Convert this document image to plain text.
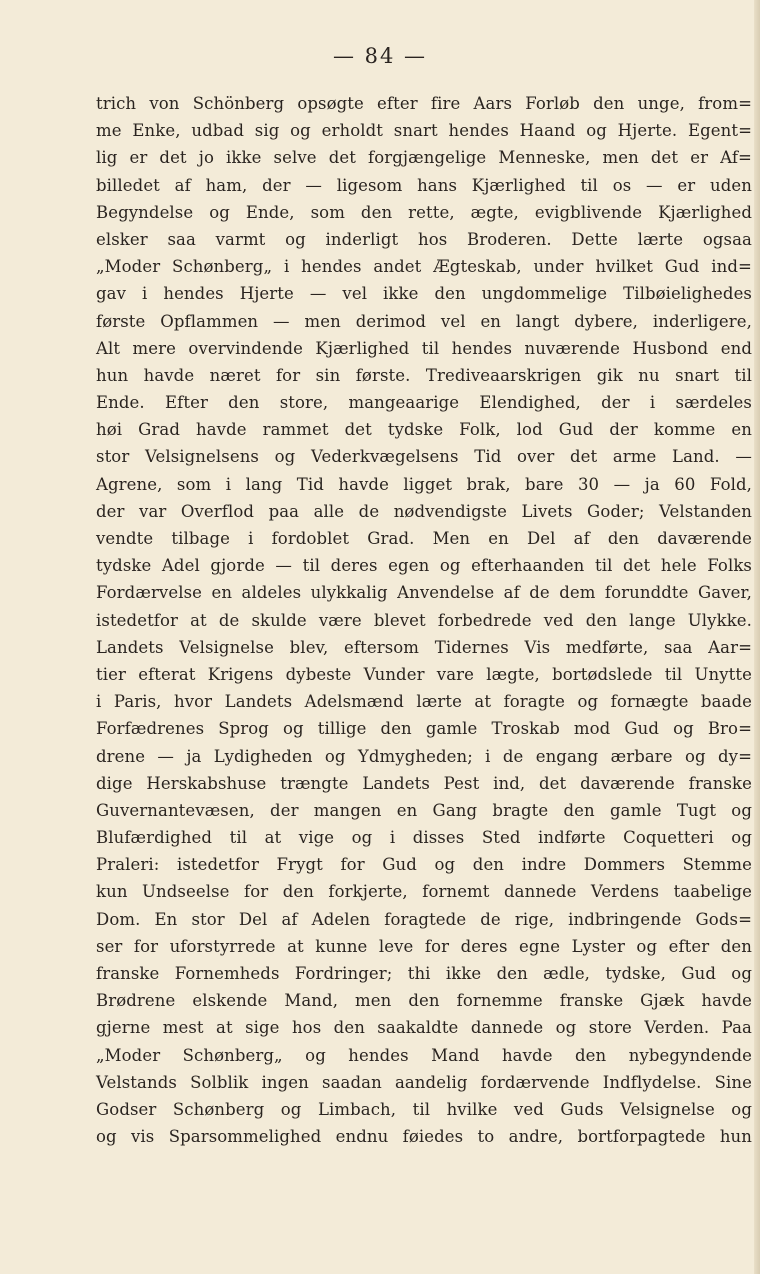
— 84 —
trich von Schönberg opsøgte efter fire Aars Forløb den unge, from=
me Enke, udbad sig og erholdt snart hendes Haand og Hjerte. Egent=
lig er det jo ikke selve det forgjængelige Menneske, men det er Af=
billedet af ham, der — ligesom hans Kjærlighed til os — er uden
Begyndelse og Ende, som den rette, ægte, evigblivende Kjærlighed
elsker saa varmt og inderligt hos Broderen. Dette lærte ogsaa
„Moder Schønberg„ i hendes andet Ægteskab, under hvilket Gud ind=
gav i hendes Hjerte — vel ikke den ungdommelige Tilbøielighedes
første Opflammen — men derimod vel en langt dybere, inderligere,
Alt mere overvindende Kjærlighed til hendes nuværende Husbond end
hun havde næret for sin første. Trediveaarskrigen gik nu snart til
Ende. Efter den store, mangeaarige Elendighed, der i særdeles
høi Grad havde rammet det tydske Folk, lod Gud der komme en
stor Velsignelsens og Vederkvægelsens Tid over det arme Land. —
Agrene, som i lang Tid havde ligget brak, bare 30 — ja 60 Fold,
der var Overflod paa alle de nødvendigste Livets Goder; Velstanden
vendte tilbage i fordoblet Grad. Men en Del af den daværende
tydske Adel gjorde — til deres egen og efterhaanden til det hele Folks
Fordærvelse en aldeles ulykkalig Anvendelse af de dem forunddte Gaver,
istedetfor at de skulde være blevet forbedrede ved den lange Ulykke.
Landets Velsignelse blev, eftersom Tidernes Vis medførte, saa Aar=
tier efterat Krigens dybeste Vunder vare lægte, bortødslede til Unytte
i Paris, hvor Landets Adelsmænd lærte at foragte og fornægte baade
Forfædrenes Sprog og tillige den gamle Troskab mod Gud og Bro=
drene — ja Lydigheden og Ydmygheden; i de engang ærbare og dy=
dige Herskabshuse trængte Landets Pest ind, det daværende franske
Guvernantevæsen, der mangen en Gang bragte den gamle Tugt og
Blufærdighed til at vige og i disses Sted indførte Coquetteri og
Praleri: istedetfor Frygt for Gud og den indre Dommers Stemme
kun Undseelse for den forkjerte, fornemt dannede Verdens taabelige
Dom. En stor Del af Adelen foragtede de rige, indbringende Gods=
ser for uforstyrrede at kunne leve for deres egne Lyster og efter den
franske Fornemheds Fordringer; thi ikke den ædle, tydske, Gud og
Brødrene elskende Mand, men den fornemme franske Gjæk havde
gjerne mest at sige hos den saakaldte dannede og store Verden. Paa
„Moder Schønberg„ og hendes Mand havde den nybegyndende
Velstands Solblik ingen saadan aandelig fordærvende Indflydelse. Sine
Godser Schønberg og Limbach, til hvilke ved Guds Velsignelse og
og vis Sparsommelighed endnu føiedes to andre, bortforpagtede hun
